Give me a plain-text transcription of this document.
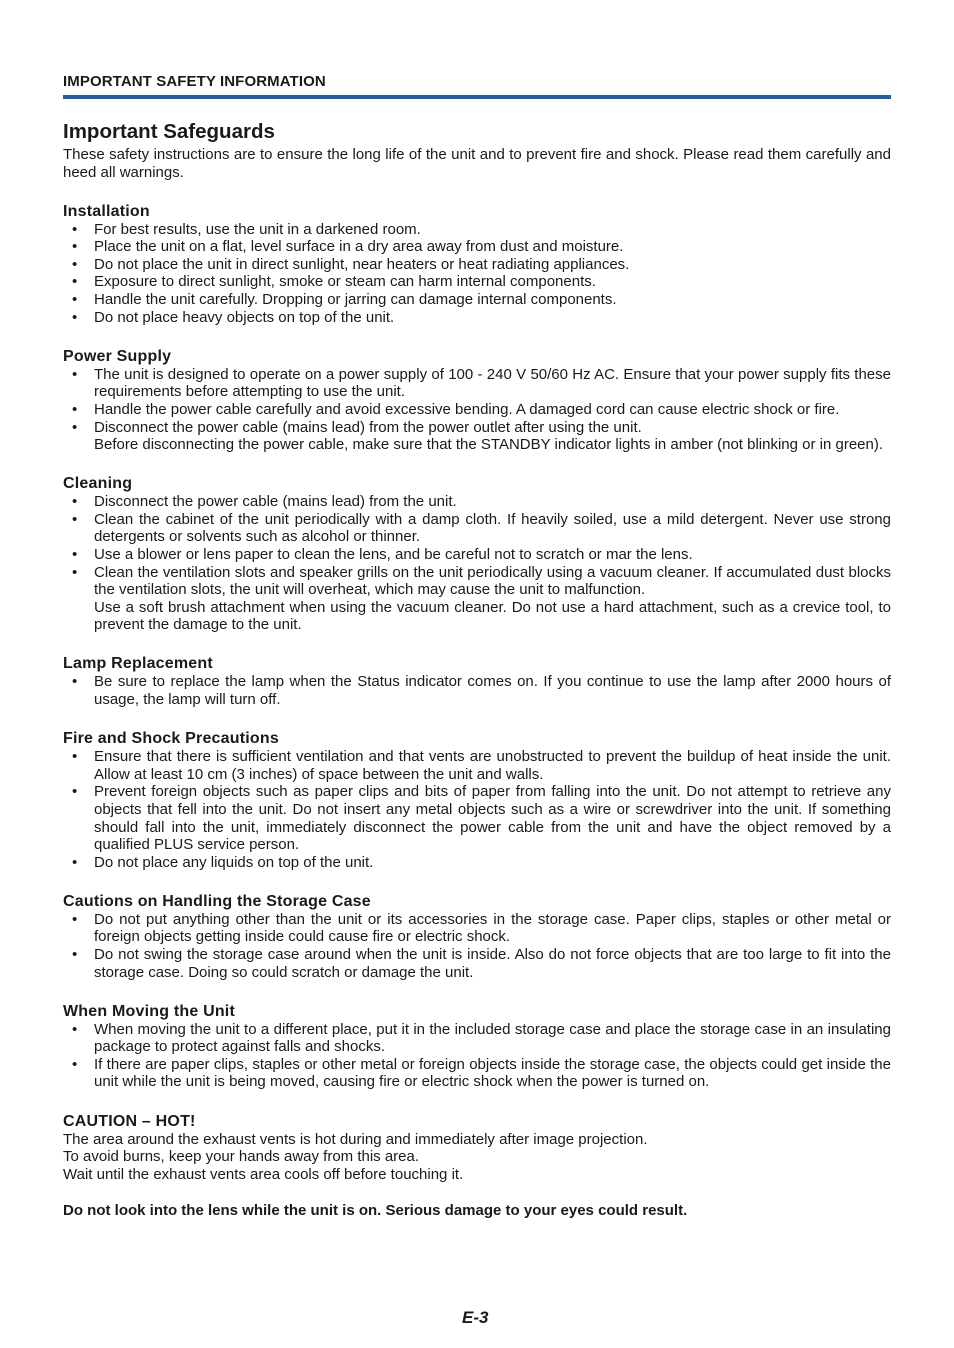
IMPORTANT SAFETY INFORMATION
Important Safeguards

These safety instructions are to ensure the long life of the unit and to prevent fire and shock. Please read them carefully and heed all warnings.

Installation
• For best results, use the unit in a darkened room.
• Place the unit on a flat, level surface in a dry area away from dust and moisture.
• Do not place the unit in direct sunlight, near heaters or heat radiating appliances.
• Exposure to direct sunlight, smoke or steam can harm internal components.
• Handle the unit carefully. Dropping or jarring can damage internal components.
• Do not place heavy objects on top of the unit.
Power Supply
• The unit is designed to operate on a power supply of 100 - 240 V 50/60 Hz AC. Ensure that your power supply fits these requirements before attempting to use the unit.
• Handle the power cable carefully and avoid excessive bending. A damaged cord can cause electric shock or fire.
• Disconnect the power cable (mains lead) from the power outlet after using the unit.
Before disconnecting the power cable, make sure that the STANDBY indicator lights in amber (not blinking or in green).
Cleaning
• Disconnect the power cable (mains lead) from the unit.
• Clean the cabinet of the unit periodically with a damp cloth. If heavily soiled, use a mild detergent. Never use strong detergents or solvents such as alcohol or thinner.
• Use a blower or lens paper to clean the lens, and be careful not to scratch or mar the lens.
• Clean the ventilation slots and speaker grills on the unit periodically using a vacuum cleaner. If accumulated dust blocks the ventilation slots, the unit will overheat, which may cause the unit to malfunction.
Use a soft brush attachment when using the vacuum cleaner. Do not use a hard attachment, such as a crevice tool, to prevent the damage to the unit.
Lamp Replacement
• Be sure to replace the lamp when the Status indicator comes on. If you continue to use the lamp after 2000 hours of usage, the lamp will turn off.
Fire and Shock Precautions
• Ensure that there is sufficient ventilation and that vents are unobstructed to prevent the buildup of heat inside the unit. Allow at least 10 cm (3 inches) of space between the unit and walls.
• Prevent foreign objects such as paper clips and bits of paper from falling into the unit. Do not attempt to retrieve any objects that fell into the unit. Do not insert any metal objects such as a wire or screwdriver into the unit. If something should fall into the unit, immediately disconnect the power cable from the unit and have the object removed by a qualified PLUS service person.
• Do not place any liquids on top of the unit.
Cautions on Handling the Storage Case
• Do not put anything other than the unit or its accessories in the storage case. Paper clips, staples or other metal or foreign objects getting inside could cause fire or electric shock.
• Do not swing the storage case around when the unit is inside. Also do not force objects that are too large to fit into the storage case. Doing so could scratch or damage the unit.
When Moving the Unit
• When moving the unit to a different place, put it in the included storage case and place the storage case in an insulating package to protect against falls and shocks.
• If there are paper clips, staples or other metal or foreign objects inside the storage case, the objects could get inside the unit while the unit is being moved, causing fire or electric shock when the power is turned on.
CAUTION – HOT!

The area around the exhaust vents is hot during and immediately after image projection.

To avoid burns, keep your hands away from this area.

Wait until the exhaust vents area cools off before touching it.

Do not look into the lens while the unit is on. Serious damage to your eyes could result.

E-3
